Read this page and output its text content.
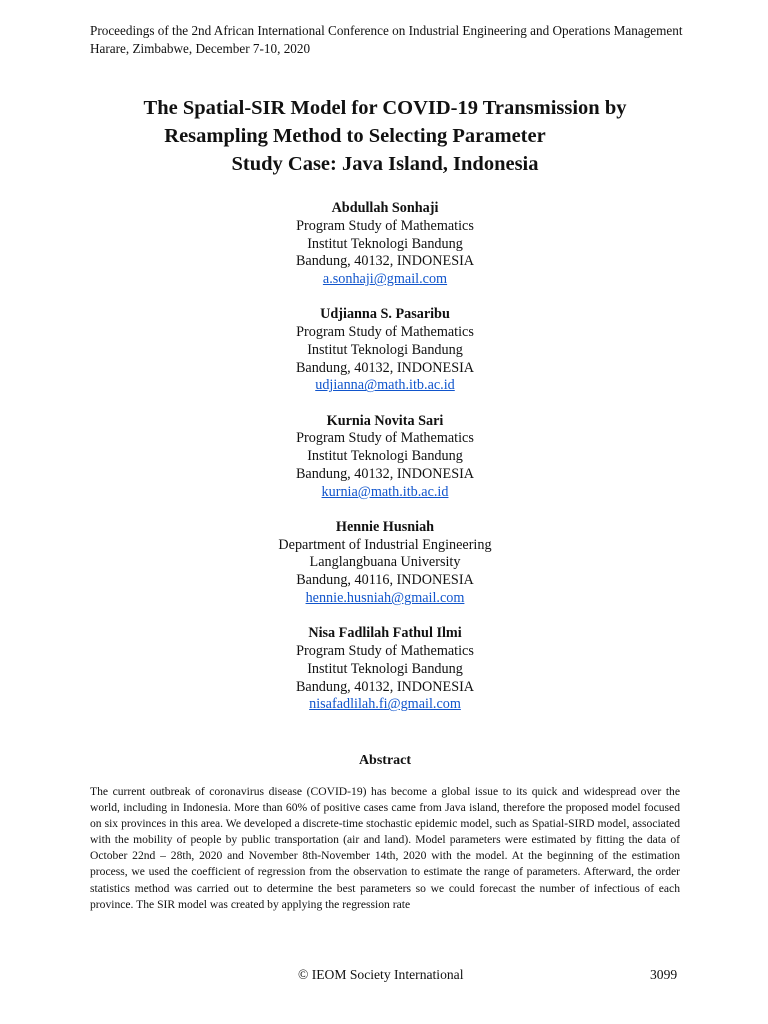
Proceedings of the 2nd African International Conference on Industrial Engineering and Operations Management
Harare, Zimbabwe, December 7-10, 2020
The Spatial-SIR Model for COVID-19 Transmission by
Resampling Method to Selecting Parameter
Study Case: Java Island, Indonesia
Abdullah Sonhaji
Program Study of Mathematics
Institut Teknologi Bandung
Bandung, 40132, INDONESIA
a.sonhaji@gmail.com
Udjianna S. Pasaribu
Program Study of Mathematics
Institut Teknologi Bandung
Bandung, 40132, INDONESIA
udjianna@math.itb.ac.id
Kurnia Novita Sari
Program Study of Mathematics
Institut Teknologi Bandung
Bandung, 40132, INDONESIA
kurnia@math.itb.ac.id
Hennie Husniah
Department of Industrial Engineering
Langlangbuana University
Bandung, 40116, INDONESIA
hennie.husniah@gmail.com
Nisa Fadlilah Fathul Ilmi
Program Study of Mathematics
Institut Teknologi Bandung
Bandung, 40132, INDONESIA
nisafadlilah.fi@gmail.com
Abstract
The current outbreak of coronavirus disease (COVID-19) has become a global issue to its quick and widespread over the world, including in Indonesia. More than 60% of positive cases came from Java island, therefore the proposed model focused on six provinces in this area. We developed a discrete-time stochastic epidemic model, such as Spatial-SIRD model, associated with the mobility of people by public transportation (air and land). Model parameters were estimated by fitting the data of October 22nd – 28th, 2020 and November 8th-November 14th, 2020 with the model. At the beginning of the estimation process, we used the coefficient of regression from the observation to estimate the range of parameters. Afterward, the order statistics method was carried out to determine the best parameters so we could forecast the number of infectious of each province. The SIR model was created by applying the regression rate
© IEOM Society International	3099
